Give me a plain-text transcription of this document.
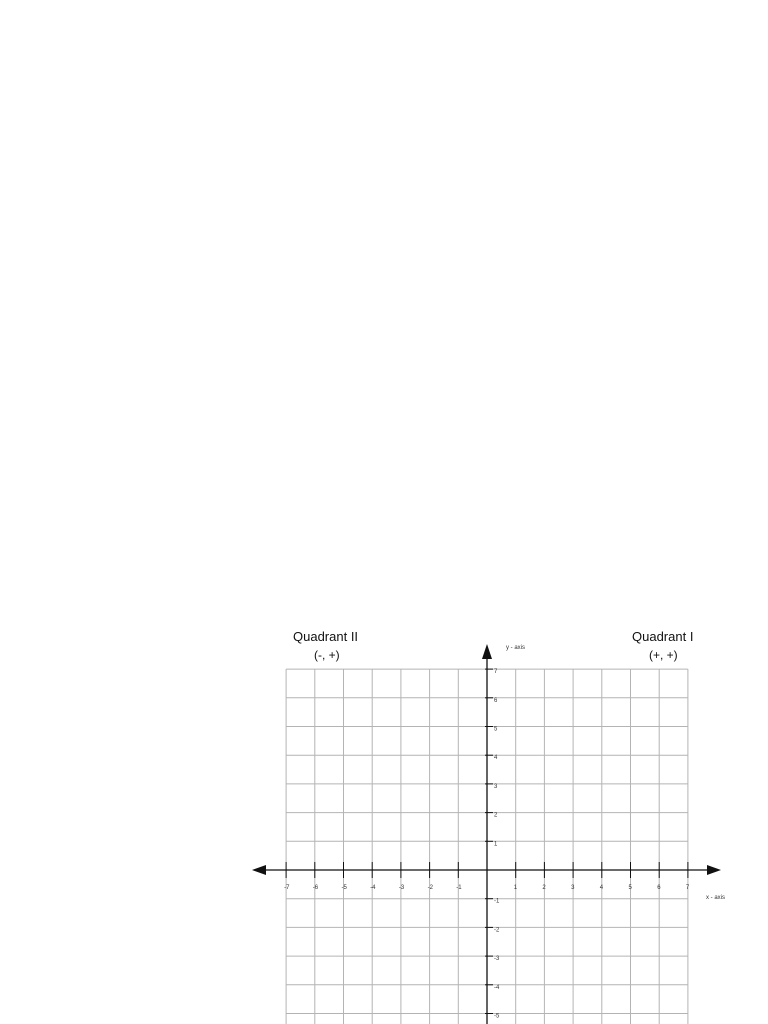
-7	-6	-5	-4	-3	-2	-1	1	2	3	4	5	6	7
7
6
5
4
3
2
1
-1
-2
-3
-4
-5
Quadrant II
(-, +)
Quadrant I
(+, +)
y - axis
x - axis
